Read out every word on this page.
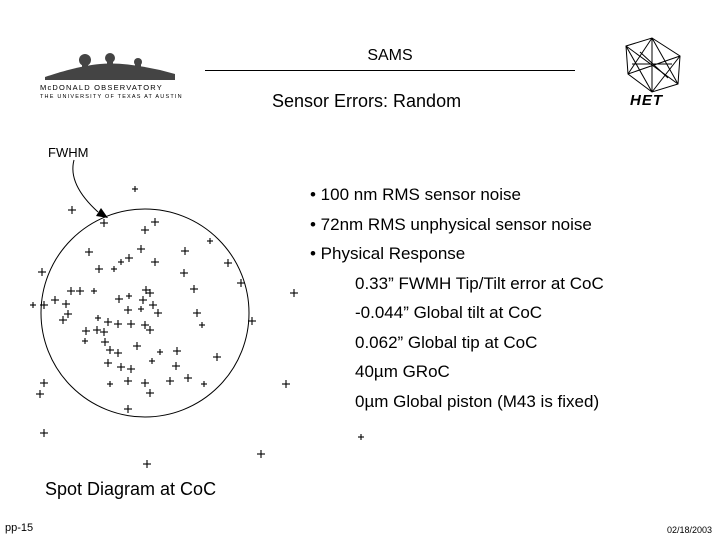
McDONALD OBSERVATORY
THE UNIVERSITY OF TEXAS AT AUSTIN
SAMS
Sensor Errors: Random	HET
FWHM
• 100 nm RMS sensor noise
• 72nm RMS unphysical sensor noise
• Physical Response
0.33” FWMH Tip/Tilt error at CoC
-0.044” Global tilt at CoC
0.062” Global tip at CoC
40µm GRoC
0µm Global piston (M43 is fixed)
Spot Diagram at CoC
pp-15	02/18/2003
